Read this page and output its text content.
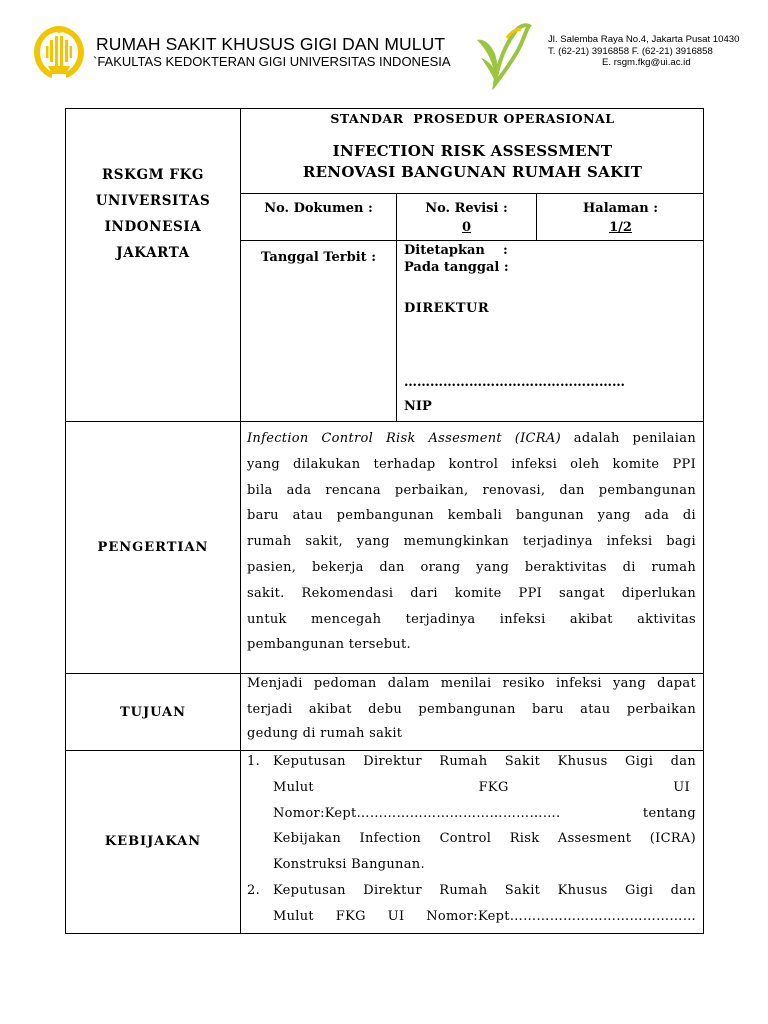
RUMAH SAKIT KHUSUS GIGI DAN MULUT
`FAKULTAS KEDOKTERAN GIGI UNIVERSITAS INDONESIA
Jl. Salemba Raya No.4, Jakarta Pusat 10430
T. (62-21) 3916858 F. (62-21) 3916858
E. rsgm.fkg@ui.ac.id
RSKGM FKG
UNIVERSITAS
INDONESIA
JAKARTA
STANDAR  PROSEDUR OPERASIONAL
INFECTION RISK ASSESSMENT
RENOVASI BANGUNAN RUMAH SAKIT
No. Dokumen :	No. Revisi :
0
Halaman :
1/2
Tanggal Terbit :	Ditetapkan    :
Pada tanggal :
DIREKTUR
……………………………………………
NIP
PENGERTIAN
Infection Control Risk Assesment (ICRA) adalah penilaian
yang dilakukan terhadap kontrol infeksi oleh komite PPI
bila ada rencana perbaikan, renovasi, dan pembangunan
baru atau pembangunan kembali bangunan yang ada di
rumah sakit, yang memungkinkan terjadinya infeksi bagi
pasien, bekerja dan orang yang beraktivitas di rumah
sakit. Rekomendasi dari komite PPI sangat diperlukan
untuk mencegah terjadinya infeksi akibat aktivitas
pembangunan tersebut.
TUJUAN
Menjadi pedoman dalam menilai resiko infeksi yang dapat
terjadi akibat debu pembangunan baru atau perbaikan
gedung di rumah sakit
KEBIJAKAN
1. Keputusan Direktur Rumah Sakit Khusus Gigi dan
Mulut FKG UI
Nomor:Kept………………………………………. tentang
Kebijakan Infection Control Risk Assesment (ICRA)
Konstruksi Bangunan.
2. Keputusan Direktur Rumah Sakit Khusus Gigi dan
Mulut FKG UI Nomor:Kept……………………………………
